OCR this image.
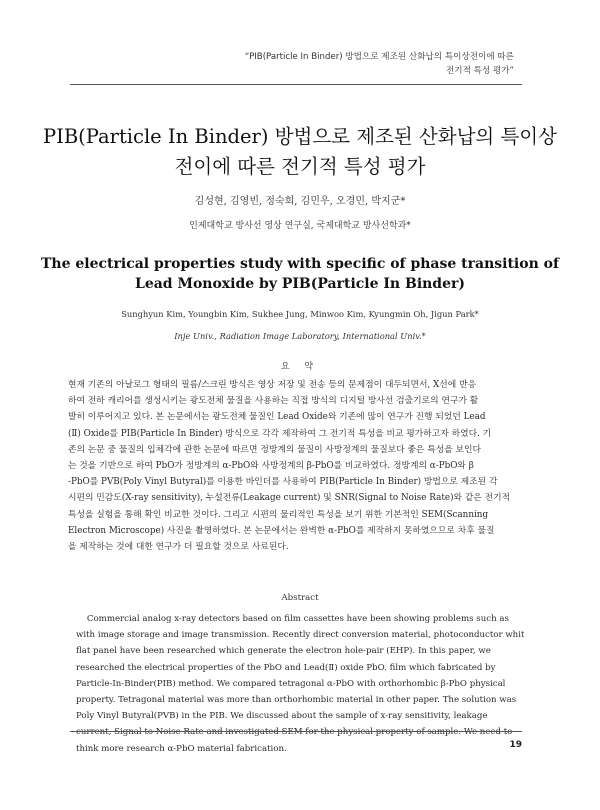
“PIB(Particle In Binder) 방법으로 제조된 산화납의 특이상전이에 따른
전기적 특성 평가”
PIB(Particle In Binder) 방법으로 제조된 산화납의 특이상
전이에 따른 전기적 특성 평가
김성현, 김영빈, 정숙희, 김민우, 오경민, 박지군*
인제대학교 방사선 영상 연구실, 국제대학교 방사선학과*
The electrical properties study with specific of phase transition of
Lead Monoxide by PIB(Particle In Binder)
Sunghyun Kim, Youngbin Kim, Sukhee Jung, Minwoo Kim, Kyungmin Oh, Jigun Park*
Inje Univ., Radiation Image Laboratory, International Univ.*
요 약
현재 기존의 아날로그 형태의 필름/스크린 방식은 영상 저장 및 전송 등의 문제점이 대두되면서, X선에 반응
하여 전하 캐리어를 생성시키는 광도전체 물질을 사용하는 직접 방식의 디지털 방사선 검출기로의 연구가 활
발히 이루어지고 있다. 본 논문에서는 광도전체 물질인 Lead Oxide와 기존에 많이 연구가 진행 되었던 Lead
(Ⅱ) Oxide를 PIB(Particle In Binder) 방식으로 각각 제작하여 그 전기적 특성을 비교 평가하고자 하였다. 기
존의 논문 중 물질의 입체각에 관한 논문에 따르면 정방계의 물질이 사방정계의 물질보다 좋은 특성을 보인다
는 것을 기반으로 하여 PbO가 정방계의 α-PbO와 사방정계의 β-PbO를 비교하였다. 정방계의 α-PbO와 β
-PbO를 PVB(Poly Vinyl Butyral)를 이용한 바인더를 사용하여 PIB(Particle In Binder) 방법으로 제조된 각
시편의 민감도(X-ray sensitivity), 누설전류(Leakage current) 및 SNR(Signal to Noise Rate)와 같은 전기적
특성을 실험을 통해 확인 비교한 것이다. 그리고 시편의 물리적인 특성을 보기 위한 기본적인 SEM(Scanning
Electron Microscope) 사진을 촬영하였다. 본 논문에서는 완벽한 α-PbO를 제작하지 못하였으므로 차후 물질
을 제작하는 것에 대한 연구가 더 필요할 것으로 사료된다.
Abstract
Commercial analog x-ray detectors based on film cassettes have been showing problems such as
with image storage and image transmission. Recently direct conversion material, photoconductor whit
flat panel have been researched which generate the electron hole-pair (EHP). In this paper, we
researched the electrical properties of the PbO and Lead(Ⅱ) oxide PbO. film which fabricated by
Particle-In-Binder(PIB) method. We compared tetragonal α-PbO with orthorhombic β-PbO physical
property. Tetragonal material was more than orthorhombic material in other paper. The solution was
Poly Vinyl Butyral(PVB) in the PIB. We discussed about the sample of x-ray sensitivity, leakage
current, Signal to Noise Rate and investigated SEM for the physical property of sample. We need to
think more research α-PbO material fabrication.	19
